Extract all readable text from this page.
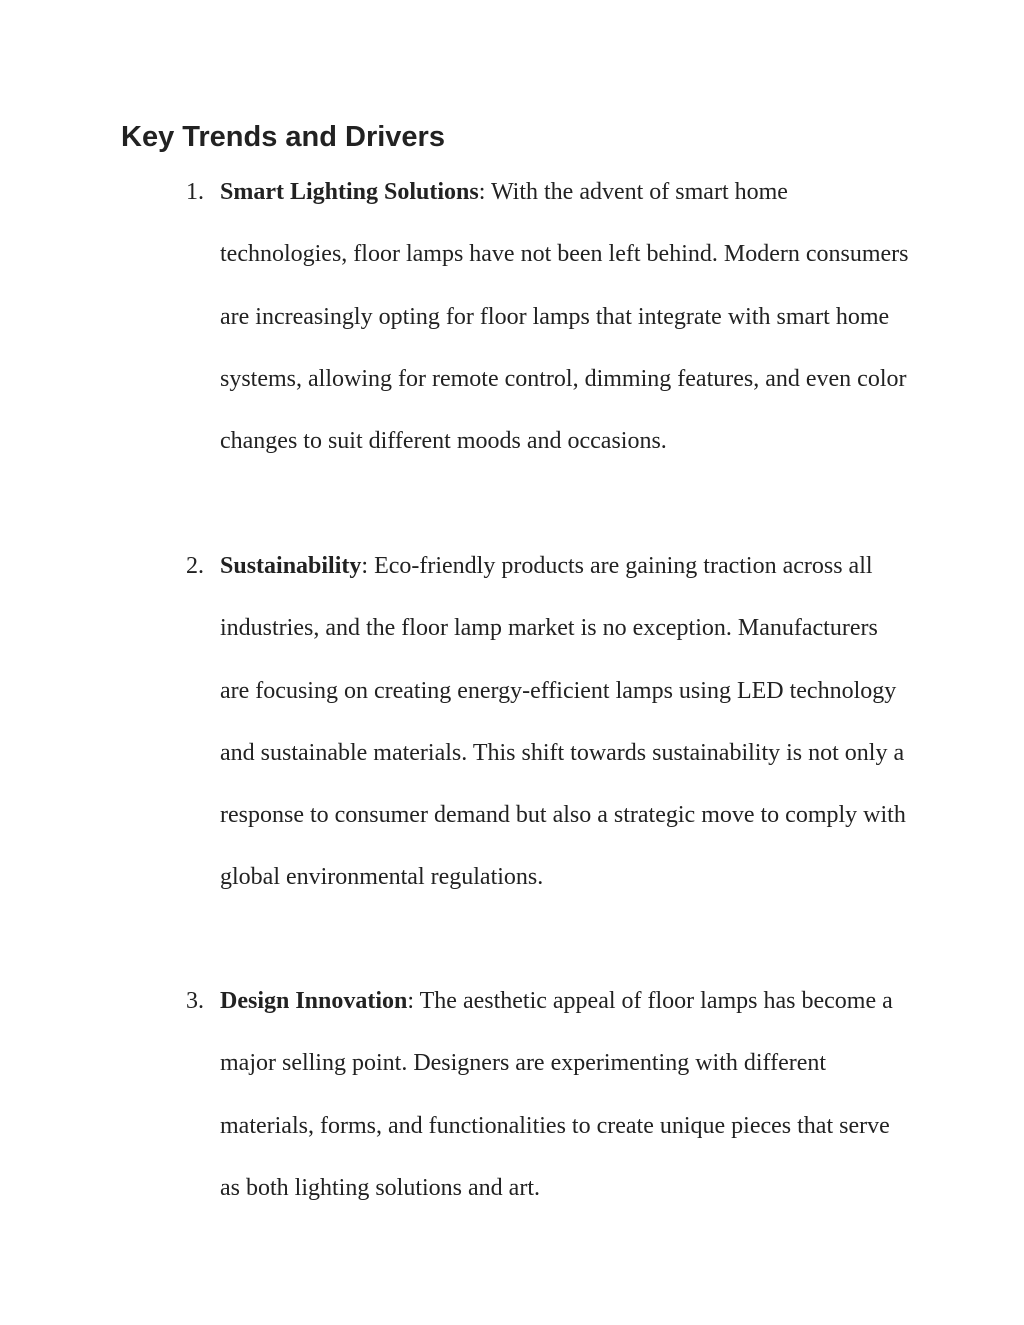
Key Trends and Drivers
1. Smart Lighting Solutions: With the advent of smart home technologies, floor lamps have not been left behind. Modern consumers are increasingly opting for floor lamps that integrate with smart home systems, allowing for remote control, dimming features, and even color changes to suit different moods and occasions.

2. Sustainability: Eco-friendly products are gaining traction across all industries, and the floor lamp market is no exception. Manufacturers are focusing on creating energy-efficient lamps using LED technology and sustainable materials. This shift towards sustainability is not only a response to consumer demand but also a strategic move to comply with global environmental regulations.

3. Design Innovation: The aesthetic appeal of floor lamps has become a major selling point. Designers are experimenting with different materials, forms, and functionalities to create unique pieces that serve as both lighting solutions and art.
